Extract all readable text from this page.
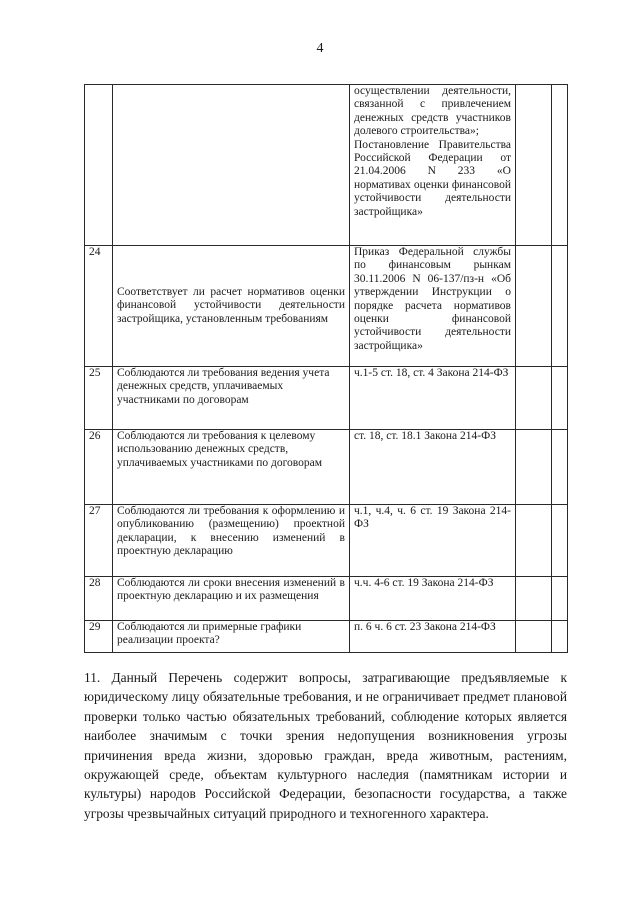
4

		осуществлении деятельности, связанной с привлечением денежных средств участников долевого строительства»;
Постановление Правительства Российской Федерации от 21.04.2006 N 233 «О нормативах оценки финансовой устойчивости деятельности застройщика»		

24	Соответствует ли расчет нормативов оценки финансовой устойчивости деятельности застройщика, установленным требованиям	Приказ Федеральной службы по финансовым рынкам 30.11.2006 N 06-137/пз-н «Об утверждении Инструкции о порядке расчета нормативов оценки финансовой устойчивости деятельности застройщика»		

25	Соблюдаются ли требования ведения учета денежных средств, уплачиваемых участниками по договорам	ч.1-5 ст. 18, ст. 4 Закона 214-ФЗ		

26	Соблюдаются ли требования к целевому использованию денежных средств, уплачиваемых участниками по договорам	ст. 18, ст. 18.1 Закона 214-ФЗ		

27	Соблюдаются ли требования к оформлению и опубликованию (размещению) проектной декларации, к внесению изменений в проектную декларацию	ч.1, ч.4, ч. 6 ст. 19 Закона 214-ФЗ		

28	Соблюдаются ли сроки внесения изменений в проектную декларацию и их размещения	ч.ч. 4-6 ст. 19 Закона 214-ФЗ		

29	Соблюдаются ли примерные графики реализации проекта?	п. 6 ч. 6 ст. 23 Закона 214-ФЗ		

11. Данный Перечень содержит вопросы, затрагивающие предъявляемые к юридическому лицу обязательные требования, и не ограничивает предмет плановой проверки только частью обязательных требований, соблюдение которых является наиболее значимым с точки зрения недопущения возникновения угрозы причинения вреда жизни, здоровью граждан, вреда животным, растениям, окружающей среде, объектам культурного наследия (памятникам истории и культуры) народов Российской Федерации, безопасности государства, а также угрозы чрезвычайных ситуаций природного и техногенного характера.
